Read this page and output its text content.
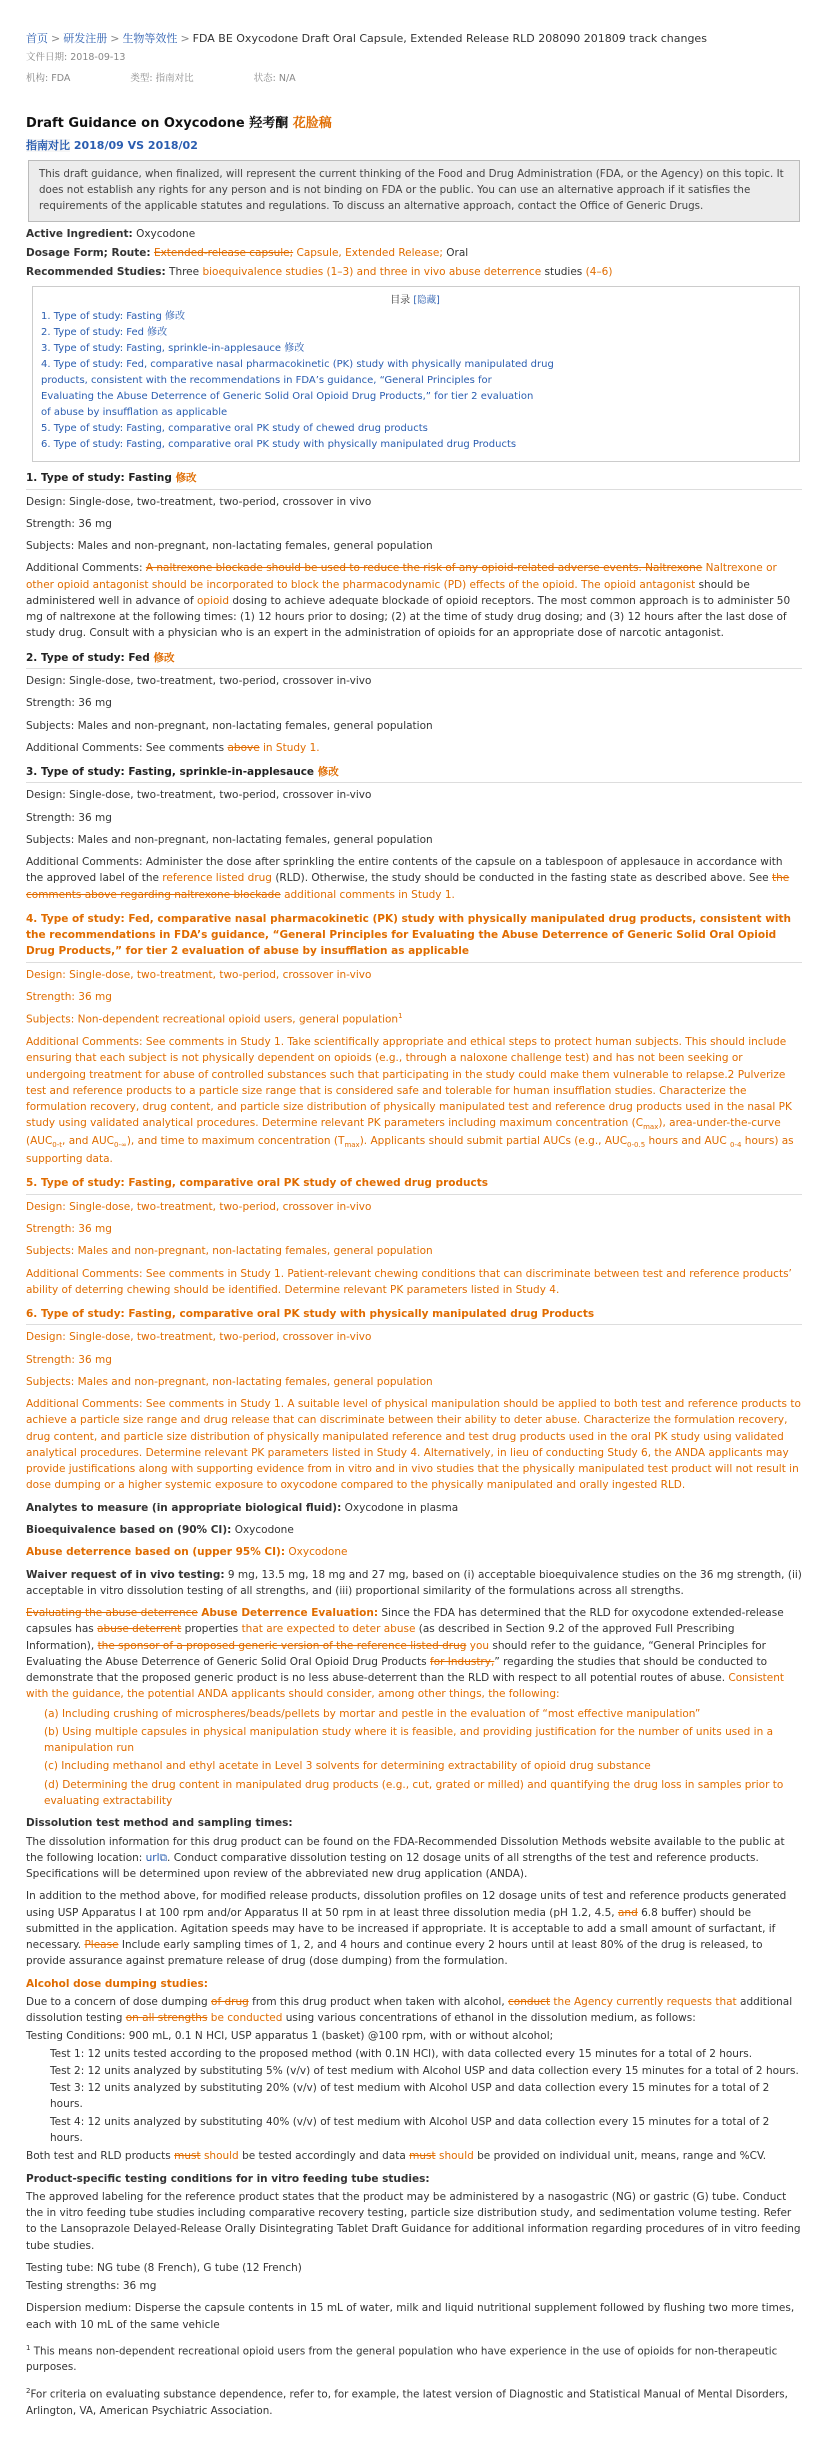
首页 > 研发注册 > 生物等效性 > FDA BE Oxycodone Draft Oral Capsule, Extended Release RLD 208090 201809 track changes
文件日期: 2018-09-13
机构: FDA	类型: 指南对比	状态: N/A
Draft Guidance on Oxycodone 羟考酮 花脸稿
指南对比 2018/09 VS 2018/02
This draft guidance, when finalized, will represent the current thinking of the Food and Drug Administration (FDA, or the Agency) on this topic. It does not establish any rights for any person and is not binding on FDA or the public. You can use an alternative approach if it satisfies the requirements of the applicable statutes and regulations. To discuss an alternative approach, contact the Office of Generic Drugs.
Active Ingredient: Oxycodone
Dosage Form; Route: Extended-release capsule; Capsule, Extended Release; Oral
Recommended Studies: Three bioequivalence studies (1–3) and three in vivo abuse deterrence studies (4–6)
目录 [隐藏]
1. Type of study: Fasting 修改
2. Type of study: Fed 修改
3. Type of study: Fasting, sprinkle-in-applesauce 修改
4. Type of study: Fed, comparative nasal pharmacokinetic (PK) study with physically manipulated drug
products, consistent with the recommendations in FDA’s guidance, “General Principles for
Evaluating the Abuse Deterrence of Generic Solid Oral Opioid Drug Products,” for tier 2 evaluation
of abuse by insufflation as applicable
5. Type of study: Fasting, comparative oral PK study of chewed drug products
6. Type of study: Fasting, comparative oral PK study with physically manipulated drug Products
1. Type of study: Fasting 修改
Design: Single-dose, two-treatment, two-period, crossover in vivo
Strength: 36 mg
Subjects: Males and non-pregnant, non-lactating females, general population
Additional Comments: A naltrexone blockade should be used to reduce the risk of any opioid-related adverse events. Naltrexone Naltrexone or other opioid antagonist should be incorporated to block the pharmacodynamic (PD) effects of the opioid. The opioid antagonist should be administered well in advance of opioid dosing to achieve adequate blockade of opioid receptors. The most common approach is to administer 50 mg of naltrexone at the following times: (1) 12 hours prior to dosing; (2) at the time of study drug dosing; and (3) 12 hours after the last dose of study drug. Consult with a physician who is an expert in the administration of opioids for an appropriate dose of narcotic antagonist.
2. Type of study: Fed 修改
Design: Single-dose, two-treatment, two-period, crossover in-vivo
Strength: 36 mg
Subjects: Males and non-pregnant, non-lactating females, general population
Additional Comments: See comments above in Study 1.
3. Type of study: Fasting, sprinkle-in-applesauce 修改
Design: Single-dose, two-treatment, two-period, crossover in-vivo
Strength: 36 mg
Subjects: Males and non-pregnant, non-lactating females, general population
Additional Comments: Administer the dose after sprinkling the entire contents of the capsule on a tablespoon of applesauce in accordance with the approved label of the reference listed drug (RLD). Otherwise, the study should be conducted in the fasting state as described above. See the comments above regarding naltrexone blockade additional comments in Study 1.
4. Type of study: Fed, comparative nasal pharmacokinetic (PK) study with physically manipulated drug products, consistent with the recommendations in FDA’s guidance, “General Principles for Evaluating the Abuse Deterrence of Generic Solid Oral Opioid Drug Products,” for tier 2 evaluation of abuse by insufflation as applicable
Design: Single-dose, two-treatment, two-period, crossover in-vivo
Strength: 36 mg
Subjects: Non-dependent recreational opioid users, general population$^1$
Additional Comments: See comments in Study 1. Take scientifically appropriate and ethical steps to protect human subjects. This should include ensuring that each subject is not physically dependent on opioids (e.g., through a naloxone challenge test) and has not been seeking or undergoing treatment for abuse of controlled substances such that participating in the study could make them vulnerable to relapse.2 Pulverize test and reference products to a particle size range that is considered safe and tolerable for human insufflation studies. Characterize the formulation recovery, drug content, and particle size distribution of physically manipulated test and reference drug products used in the nasal PK study using validated analytical procedures. Determine relevant PK parameters including maximum concentration $(C_{max})$, area-under-the-curve ($AUC_{0-t}$, and $AUC_{0-\infty}$), and time to maximum concentration $(T_{max})$. Applicants should submit partial AUCs (e.g., $AUC_{0-0.5}$ hours and AUC $_{0-4}$ hours) as supporting data.
5. Type of study: Fasting, comparative oral PK study of chewed drug products
Design: Single-dose, two-treatment, two-period, crossover in-vivo
Strength: 36 mg
Subjects: Males and non-pregnant, non-lactating females, general population
Additional Comments: See comments in Study 1. Patient-relevant chewing conditions that can discriminate between test and reference products’ ability of deterring chewing should be identified. Determine relevant PK parameters listed in Study 4.
6. Type of study: Fasting, comparative oral PK study with physically manipulated drug Products
Design: Single-dose, two-treatment, two-period, crossover in-vivo
Strength: 36 mg
Subjects: Males and non-pregnant, non-lactating females, general population
Additional Comments: See comments in Study 1. A suitable level of physical manipulation should be applied to both test and reference products to achieve a particle size range and drug release that can discriminate between their ability to deter abuse. Characterize the formulation recovery, drug content, and particle size distribution of physically manipulated reference and test drug products used in the oral PK study using validated analytical procedures. Determine relevant PK parameters listed in Study 4. Alternatively, in lieu of conducting Study 6, the ANDA applicants may provide justifications along with supporting evidence from in vitro and in vivo studies that the physically manipulated test product will not result in dose dumping or a higher systemic exposure to oxycodone compared to the physically manipulated and orally ingested RLD.
Analytes to measure (in appropriate biological fluid): Oxycodone in plasma
Bioequivalence based on (90% CI): Oxycodone
Abuse deterrence based on (upper 95% CI): Oxycodone
Waiver request of in vivo testing: 9 mg, 13.5 mg, 18 mg and 27 mg, based on (i) acceptable bioequivalence studies on the 36 mg strength, (ii) acceptable in vitro dissolution testing of all strengths, and (iii) proportional similarity of the formulations across all strengths.
Evaluating the abuse deterrence Abuse Deterrence Evaluation: Since the FDA has determined that the RLD for oxycodone extended-release capsules has abuse deterrent properties that are expected to deter abuse (as described in Section 9.2 of the approved Full Prescribing Information), the sponsor of a proposed generic version of the reference listed drug you should refer to the guidance, “General Principles for Evaluating the Abuse Deterrence of Generic Solid Oral Opioid Drug Products for Industry,” regarding the studies that should be conducted to demonstrate that the proposed generic product is no less abuse-deterrent than the RLD with respect to all potential routes of abuse. Consistent with the guidance, the potential ANDA applicants should consider, among other things, the following:
(a) Including crushing of microspheres/beads/pellets by mortar and pestle in the evaluation of “most effective manipulation”
(b) Using multiple capsules in physical manipulation study where it is feasible, and providing justification for the number of units used in a manipulation run
(c) Including methanol and ethyl acetate in Level 3 solvents for determining extractability of opioid drug substance
(d) Determining the drug content in manipulated drug products (e.g., cut, grated or milled) and quantifying the drug loss in samples prior to evaluating extractability
Dissolution test method and sampling times:
The dissolution information for this drug product can be found on the FDA-Recommended Dissolution Methods website available to the public at the following location: url⧉. Conduct comparative dissolution testing on 12 dosage units of all strengths of the test and reference products. Specifications will be determined upon review of the abbreviated new drug application (ANDA).
In addition to the method above, for modified release products, dissolution profiles on 12 dosage units of test and reference products generated using USP Apparatus I at 100 rpm and/or Apparatus II at 50 rpm in at least three dissolution media (pH 1.2, 4.5, and 6.8 buffer) should be submitted in the application. Agitation speeds may have to be increased if appropriate. It is acceptable to add a small amount of surfactant, if necessary. Please Include early sampling times of 1, 2, and 4 hours and continue every 2 hours until at least 80% of the drug is released, to provide assurance against premature release of drug (dose dumping) from the formulation.
Alcohol dose dumping studies:
Due to a concern of dose dumping of drug from this drug product when taken with alcohol, conduct the Agency currently requests that additional dissolution testing on all strengths be conducted using various concentrations of ethanol in the dissolution medium, as follows:
Testing Conditions: 900 mL, 0.1 N HCl, USP apparatus 1 (basket) @100 rpm, with or without alcohol;
Test 1: 12 units tested according to the proposed method (with 0.1N HCl), with data collected every 15 minutes for a total of 2 hours.
Test 2: 12 units analyzed by substituting 5% (v/v) of test medium with Alcohol USP and data collection every 15 minutes for a total of 2 hours.
Test 3: 12 units analyzed by substituting 20% (v/v) of test medium with Alcohol USP and data collection every 15 minutes for a total of 2 hours.
Test 4: 12 units analyzed by substituting 40% (v/v) of test medium with Alcohol USP and data collection every 15 minutes for a total of 2 hours.
Both test and RLD products must should be tested accordingly and data must should be provided on individual unit, means, range and %CV.
Product-specific testing conditions for in vitro feeding tube studies:
The approved labeling for the reference product states that the product may be administered by a nasogastric (NG) or gastric (G) tube. Conduct the in vitro feeding tube studies including comparative recovery testing, particle size distribution study, and sedimentation volume testing. Refer to the Lansoprazole Delayed-Release Orally Disintegrating Tablet Draft Guidance for additional information regarding procedures of in vitro feeding tube studies.
Testing tube: NG tube (8 French), G tube (12 French)
Testing strengths: 36 mg
Dispersion medium: Disperse the capsule contents in 15 mL of water, milk and liquid nutritional supplement followed by flushing two more times, each with 10 mL of the same vehicle
$^1$ This means non-dependent recreational opioid users from the general population who have experience in the use of opioids for non-therapeutic purposes.
$^2$For criteria on evaluating substance dependence, refer to, for example, the latest version of Diagnostic and Statistical Manual of Mental Disorders, Arlington, VA, American Psychiatric Association.
